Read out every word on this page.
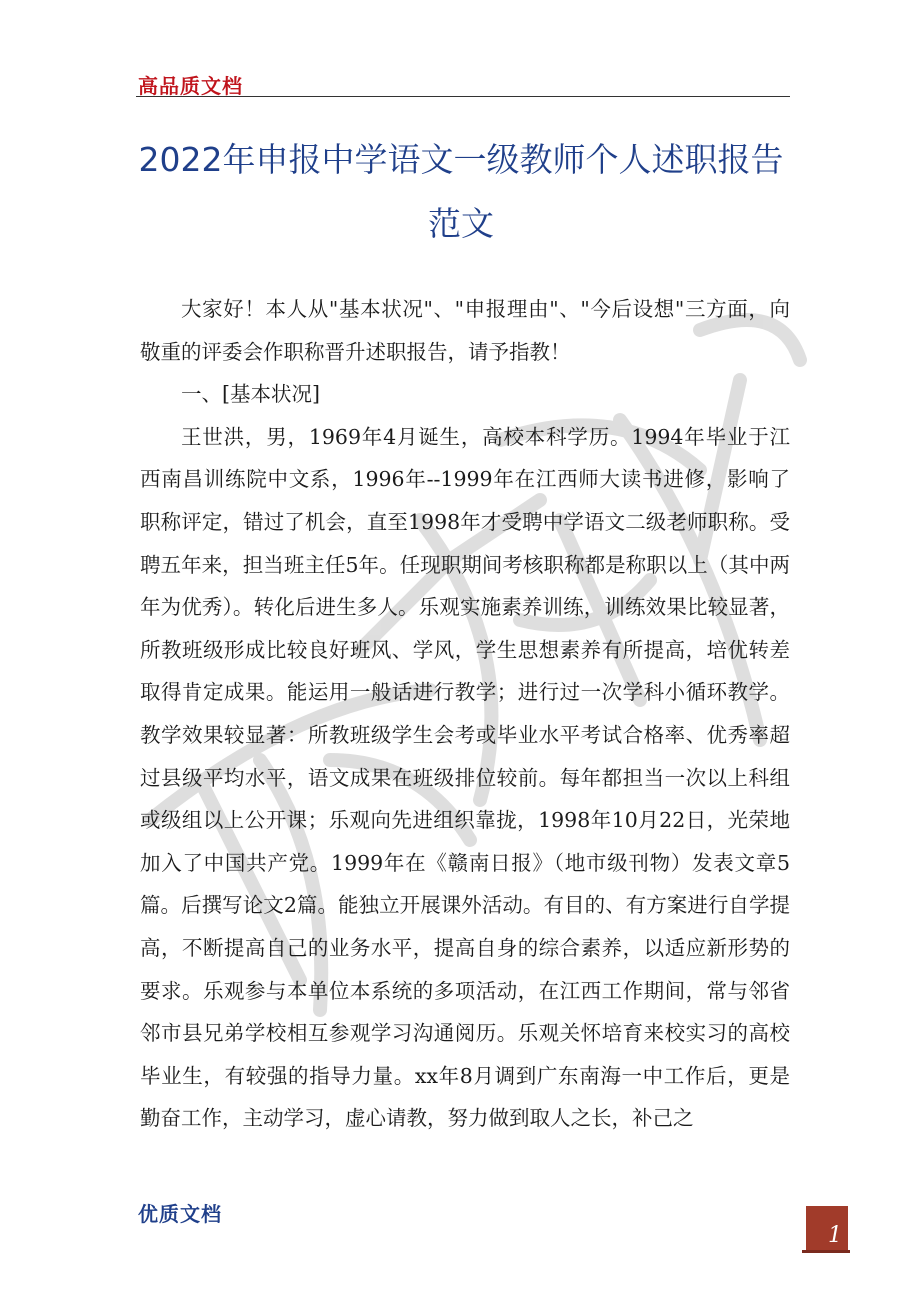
高品质文档
2022年申报中学语文一级教师个人述职报告范文

大家好！本人从"基本状况"、"申报理由"、"今后设想"三方面，向敬重的评委会作职称晋升述职报告，请予指教！

一、[基本状况]

王世洪，男，1969年4月诞生，高校本科学历。1994年毕业于江西南昌训练院中文系，1996年--1999年在江西师大读书进修，影响了职称评定，错过了机会，直至1998年才受聘中学语文二级老师职称。受聘五年来，担当班主任5年。任现职期间考核职称都是称职以上（其中两年为优秀）。转化后进生多人。乐观实施素养训练，训练效果比较显著，所教班级形成比较良好班风、学风，学生思想素养有所提高，培优转差取得肯定成果。能运用一般话进行教学；进行过一次学科小循环教学。教学效果较显著：所教班级学生会考或毕业水平考试合格率、优秀率超过县级平均水平，语文成果在班级排位较前。每年都担当一次以上科组或级组以上公开课；乐观向先进组织靠拢，1998年10月22日，光荣地加入了中国共产党。1999年在《赣南日报》（地市级刊物）发表文章5篇。后撰写论文2篇。能独立开展课外活动。有目的、有方案进行自学提高，不断提高自己的业务水平，提高自身的综合素养，以适应新形势的要求。乐观参与本单位本系统的多项活动，在江西工作期间，常与邻省邻市县兄弟学校相互参观学习沟通阅历。乐观关怀培育来校实习的高校毕业生，有较强的指导力量。xx年8月调到广东南海一中工作后，更是勤奋工作，主动学习，虚心请教，努力做到取人之长，补己之

优质文档
1
